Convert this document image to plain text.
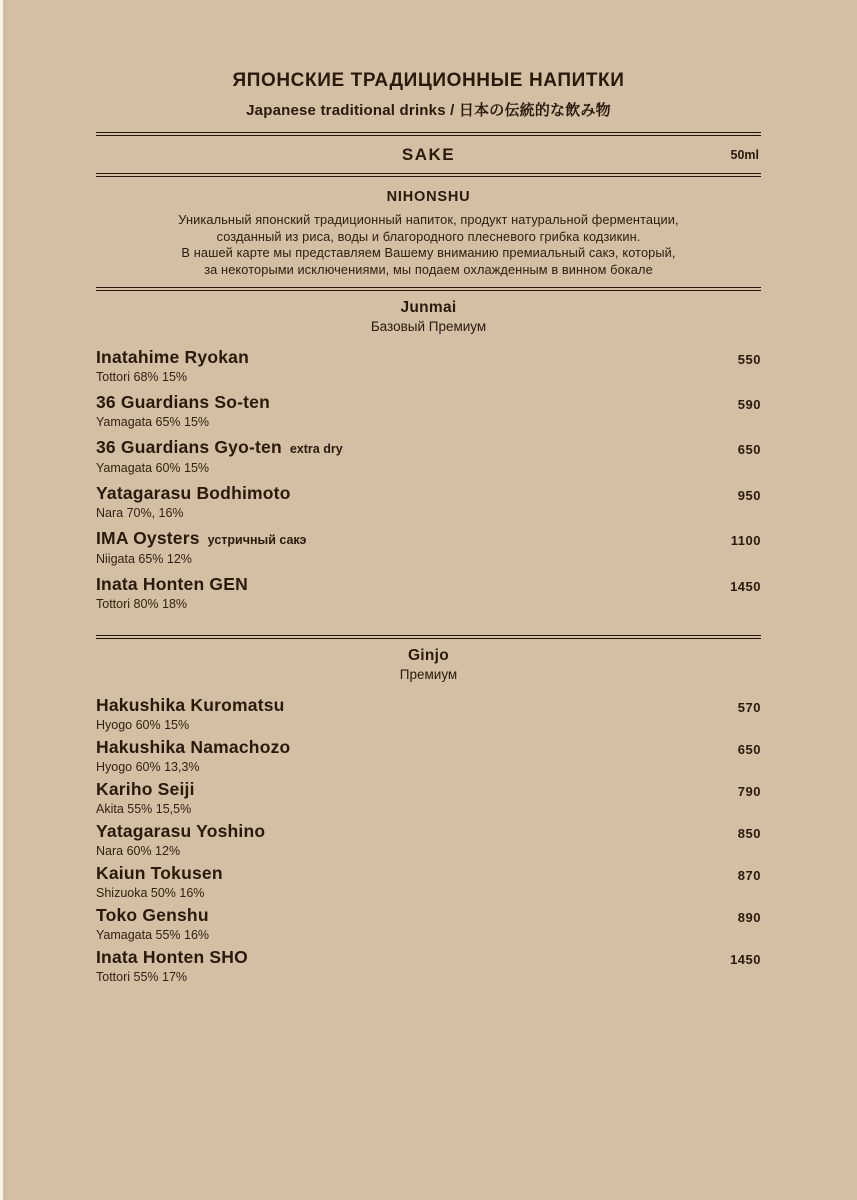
ЯПОНСКИЕ ТРАДИЦИОННЫЕ НАПИТКИ
Japanese traditional drinks / 日本の伝統的な飲み物
SAKE	50ml
NIHONSHU
Уникальный японский традиционный напиток, продукт натуральной ферментации,
созданный из риса, воды и благородного плесневого грибка кодзикин.
В нашей карте мы представляем Вашему вниманию премиальный сакэ, который,
за некоторыми исключениями, мы подаем охлажденным в винном бокале
Junmai
Базовый Премиум
Inatahime Ryokan
Tottori 68% 15%
550
36 Guardians So-ten
Yamagata 65% 15%
590
36 Guardians Gyo-ten extra dry
Yamagata 60% 15%
650
Yatagarasu Bodhimoto
Nara 70%, 16%
950
IMA Oysters устричный сакэ
Niigata 65% 12%
1100
Inata Honten GEN
Tottori 80% 18%
1450
Ginjo
Премиум
Hakushika Kuromatsu
Hyogo 60% 15%
570
Hakushika Namachozo
Hyogo 60% 13,3%
650
Kariho Seiji
Akita 55% 15,5%
790
Yatagarasu Yoshino
Nara 60% 12%
850
Kaiun Tokusen
Shizuoka 50% 16%
870
Toko Genshu
Yamagata 55% 16%
890
Inata Honten SHO
Tottori 55% 17%
1450
